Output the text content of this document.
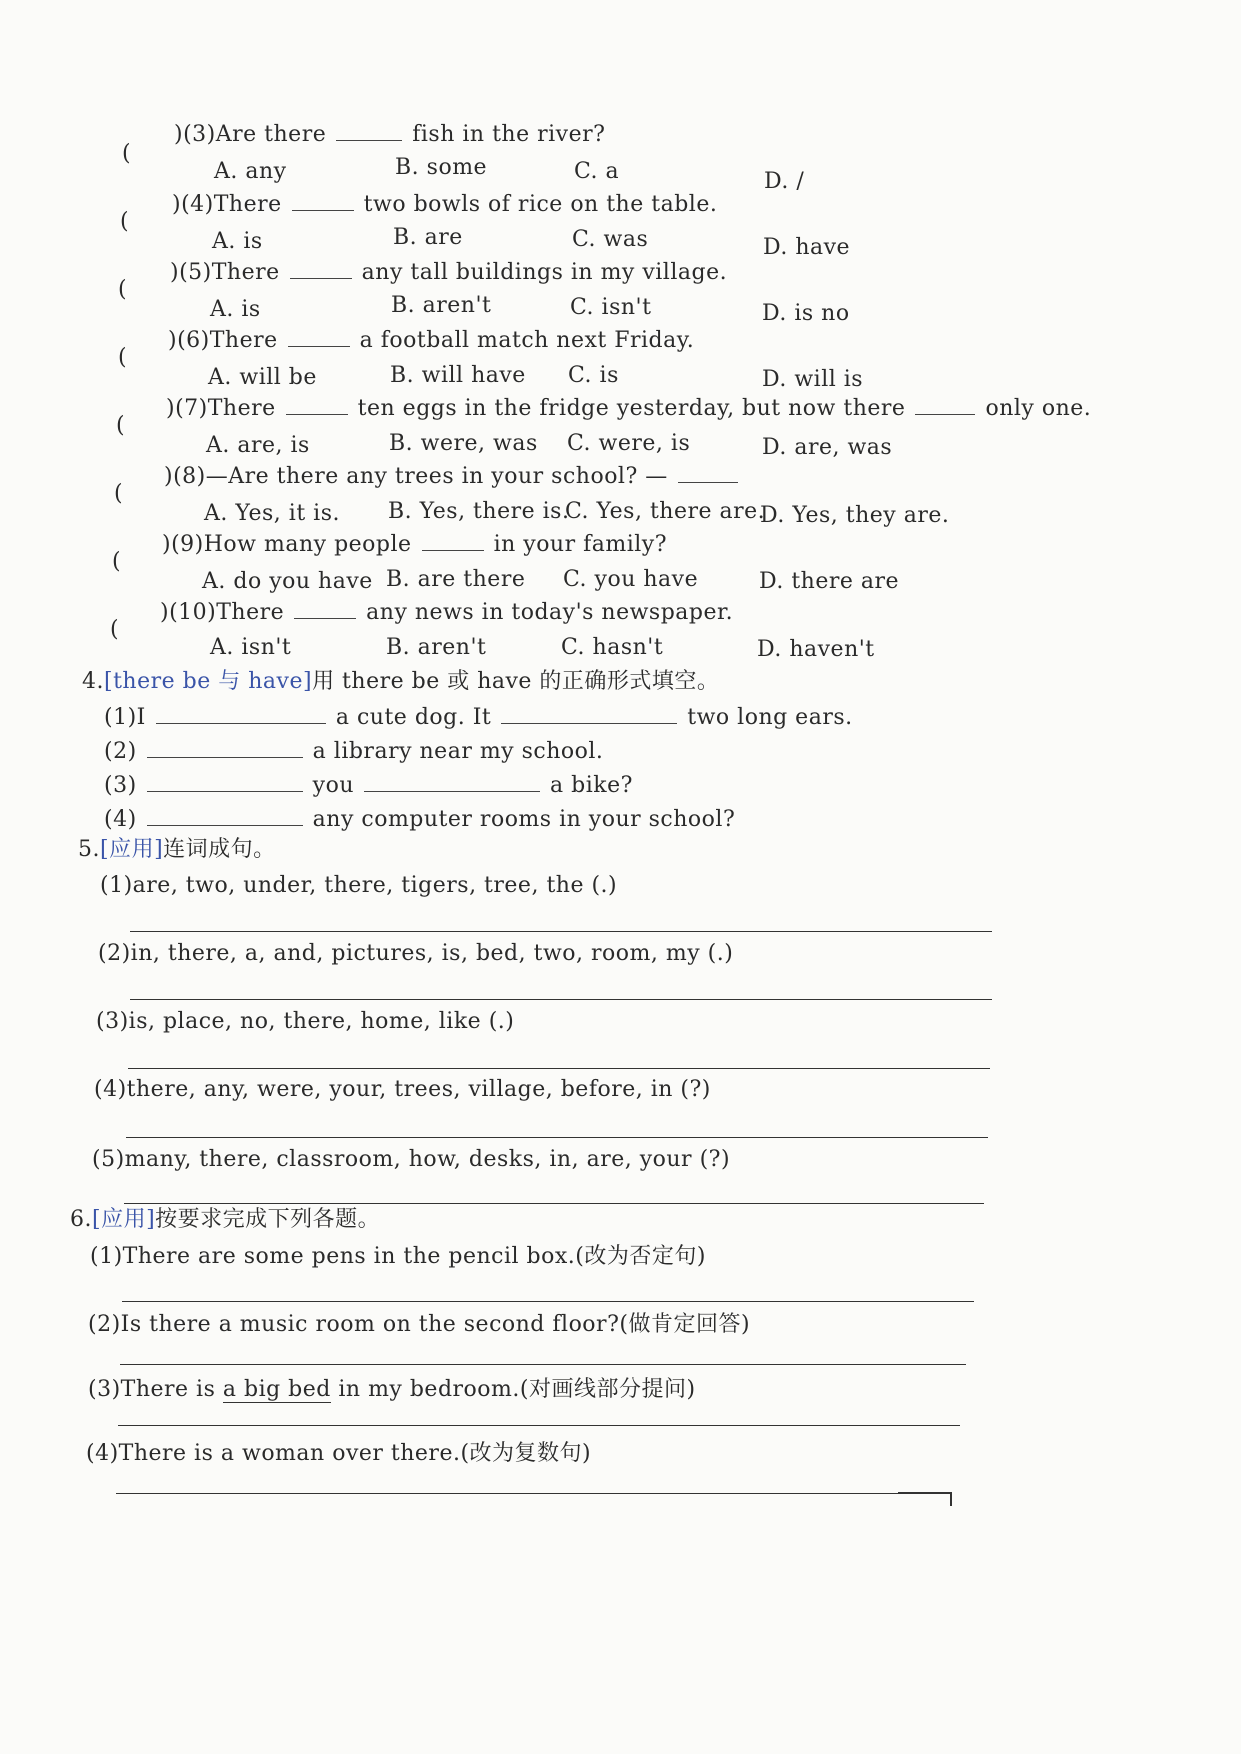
(
)(3)Are there	fish in the river?
A. any	B. some	C. a	D. /
(
)(4)There	two bowls of rice on the table.
A. is	B. are	C. was	D. have
(
)(5)There	any tall buildings in my village.
A. is	B. aren't	C. isn't	D. is no
(
)(6)There	a football match next Friday.
A. will be	B. will have C. is	D. will is
(
)(7)There	ten eggs in the fridge yesterday, but now there	only one.
A. are, is	B. were, was C. were, is	D. are, was
(
)(8)—Are there any trees in your school? —
A. Yes, it is. B. Yes, there is.
C. Yes, there are.
D. Yes, they are.
(
)(9)How many people	in your family?
A. do you have B. are there C. you have	D. there are
(
)(10)There	any news in today's newspaper.
A. isn't	B. aren't	C. hasn't	D. haven't
4.[there be 与 have]用 there be 或 have 的正确形式填空。
(1)I	a cute dog. It	two long ears.
(2)	a library near my school.
(3)	you	a bike?
(4)	any computer rooms in your school?
5.[应用]连词成句。
(1)are, two, under, there, tigers, tree, the (.)
(2)in, there, a, and, pictures, is, bed, two, room, my (.)
(3)is, place, no, there, home, like (.)
(4)there, any, were, your, trees, village, before, in (?)
(5)many, there, classroom, how, desks, in, are, your (?)
6.[应用]按要求完成下列各题。
(1)There are some pens in the pencil box.(改为否定句)
(2)Is there a music room on the second floor?(做肯定回答)
(3)There is a big bed in my bedroom.(对画线部分提问)
(4)There is a woman over there.(改为复数句)
